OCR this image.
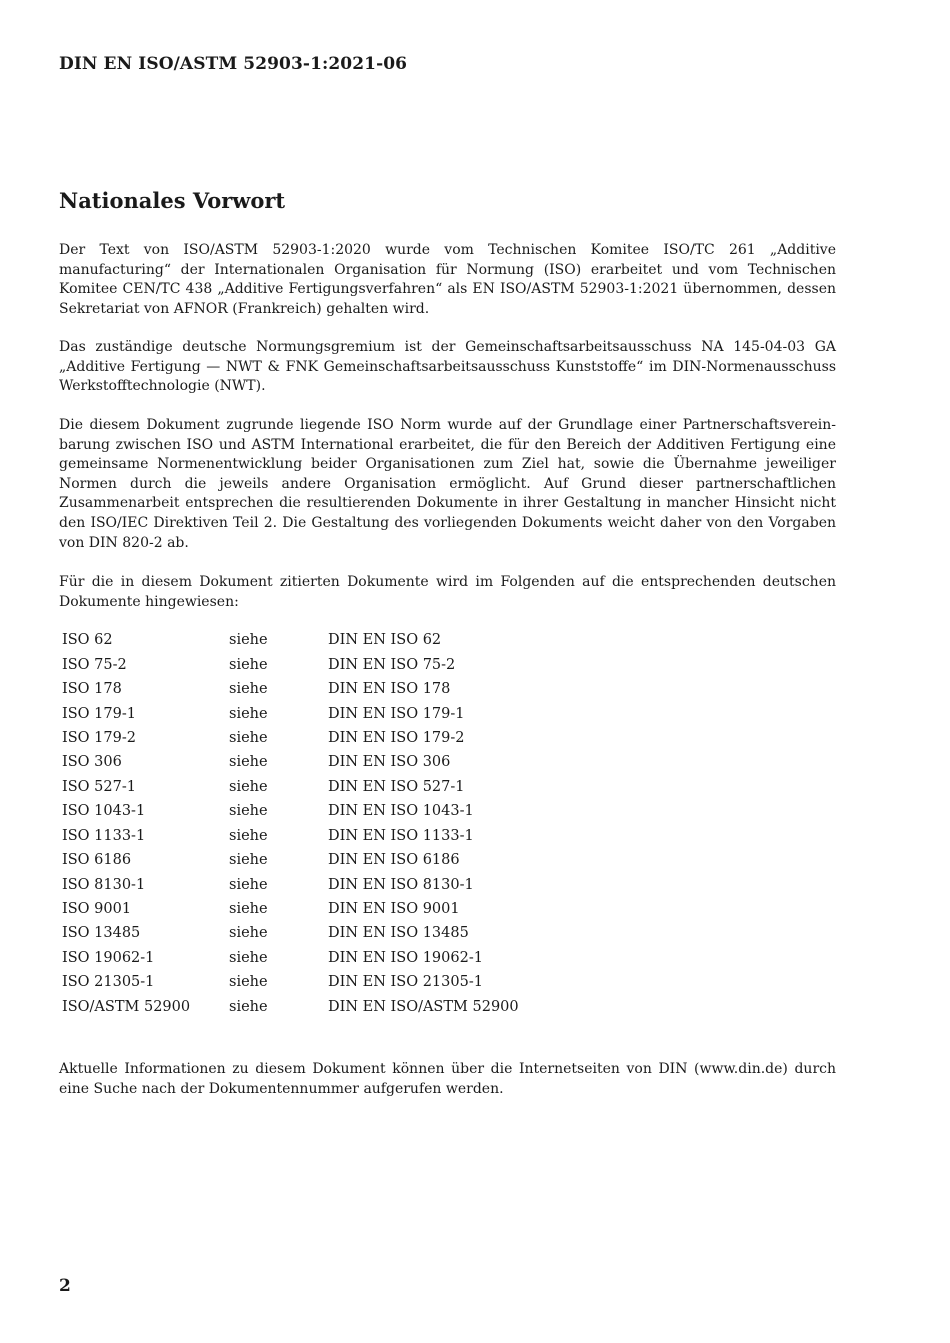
DIN EN ISO/ASTM 52903-1:2021-06
Nationales Vorwort

Der Text von ISO/ASTM 52903-1:2020 wurde vom Technischen Komitee ISO/TC 261 „Additive manufacturing“ der Internationalen Organisation für Normung (ISO) erarbeitet und vom Technischen Komitee CEN/TC 438 „Additive Fertigungsverfahren“ als EN ISO/ASTM 52903-1:2021 übernommen, dessen Sekretariat von AFNOR (Frankreich) gehalten wird.

Das zuständige deutsche Normungsgremium ist der Gemeinschaftsarbeitsausschuss NA 145-04-03 GA „Additive Fertigung — NWT & FNK Gemeinschaftsarbeitsausschuss Kunststoffe“ im DIN-Normenausschuss Werkstofftechnologie (NWT).

Die diesem Dokument zugrunde liegende ISO Norm wurde auf der Grundlage einer Partnerschaftsvereinbarung zwischen ISO und ASTM International erarbeitet, die für den Bereich der Additiven Fertigung eine gemeinsame Normenentwicklung beider Organisationen zum Ziel hat, sowie die Übernahme jeweiliger Normen durch die jeweils andere Organisation ermöglicht. Auf Grund dieser partnerschaftlichen Zusammenarbeit entsprechen die resultierenden Dokumente in ihrer Gestaltung in mancher Hinsicht nicht den ISO/IEC Direktiven Teil 2. Die Gestaltung des vorliegenden Dokuments weicht daher von den Vorgaben von DIN 820-2 ab.

Für die in diesem Dokument zitierten Dokumente wird im Folgenden auf die entsprechenden deutschen Dokumente hingewiesen:

ISO 62	siehe	DIN EN ISO 62
ISO 75-2	siehe	DIN EN ISO 75-2
ISO 178	siehe	DIN EN ISO 178
ISO 179-1	siehe	DIN EN ISO 179-1
ISO 179-2	siehe	DIN EN ISO 179-2
ISO 306	siehe	DIN EN ISO 306
ISO 527-1	siehe	DIN EN ISO 527-1
ISO 1043-1	siehe	DIN EN ISO 1043-1
ISO 1133-1	siehe	DIN EN ISO 1133-1
ISO 6186	siehe	DIN EN ISO 6186
ISO 8130-1	siehe	DIN EN ISO 8130-1
ISO 9001	siehe	DIN EN ISO 9001
ISO 13485	siehe	DIN EN ISO 13485
ISO 19062-1	siehe	DIN EN ISO 19062-1
ISO 21305-1	siehe	DIN EN ISO 21305-1
ISO/ASTM 52900	siehe	DIN EN ISO/ASTM 52900

Aktuelle Informationen zu diesem Dokument können über die Internetseiten von DIN (www.din.de) durch eine Suche nach der Dokumentennummer aufgerufen werden.

2
